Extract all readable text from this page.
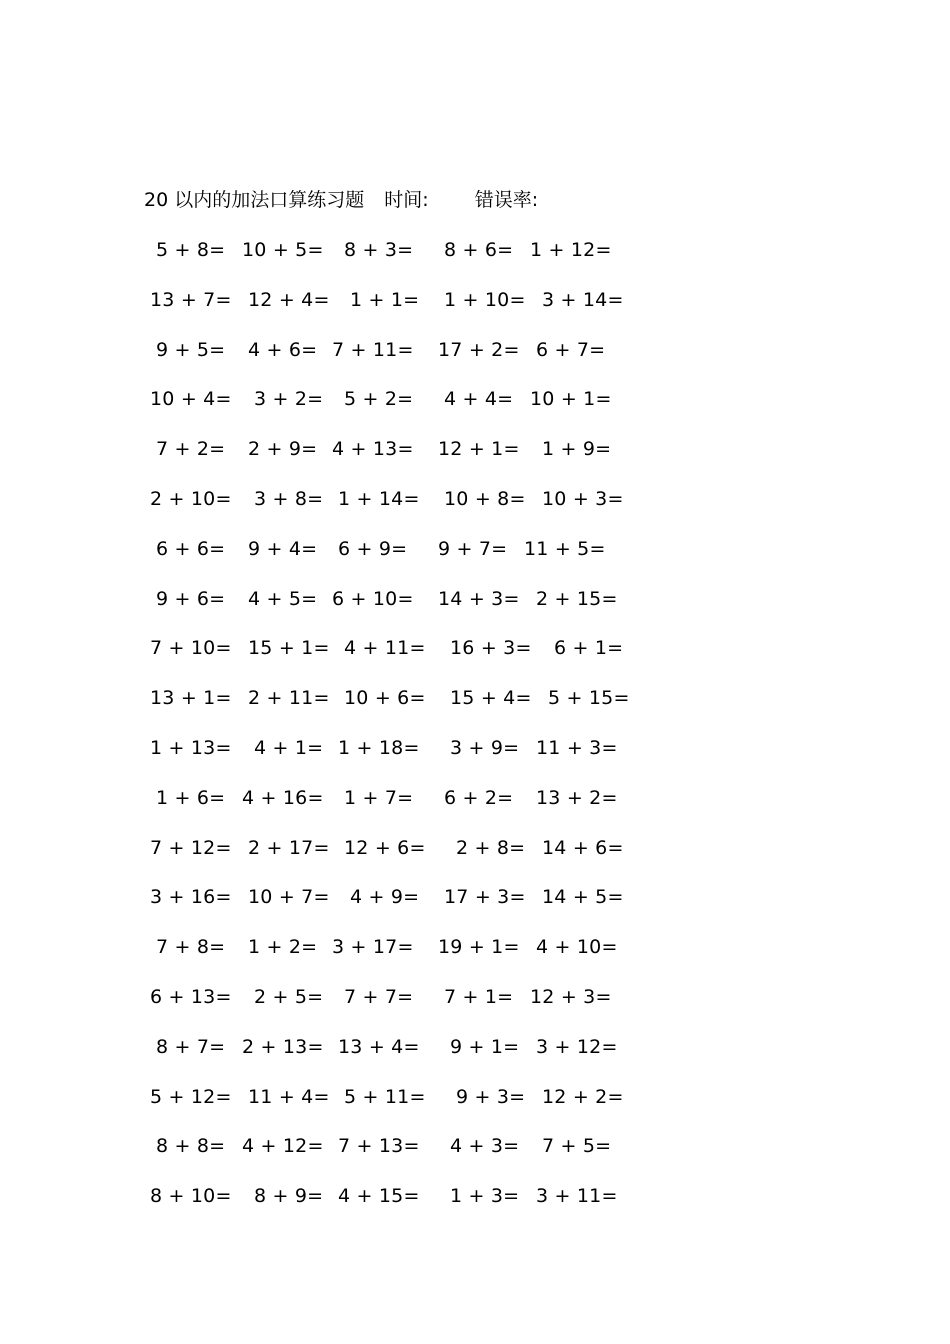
20 以内的加法口算练习题 时间: 错误率:
5 + 8= 10 + 5= 8 + 3= 8 + 6= 1 + 12=
13 + 7= 12 + 4= 1 + 1= 1 + 10= 3 + 14=
9 + 5= 4 + 6= 7 + 11= 17 + 2= 6 + 7=
10 + 4= 3 + 2= 5 + 2= 4 + 4= 10 + 1=
7 + 2= 2 + 9= 4 + 13= 12 + 1= 1 + 9=
2 + 10= 3 + 8= 1 + 14= 10 + 8= 10 + 3=
6 + 6= 9 + 4= 6 + 9= 9 + 7= 11 + 5=
9 + 6= 4 + 5= 6 + 10= 14 + 3= 2 + 15=
7 + 10= 15 + 1= 4 + 11= 16 + 3= 6 + 1=
13 + 1= 2 + 11= 10 + 6= 15 + 4= 5 + 15=
1 + 13= 4 + 1= 1 + 18= 3 + 9= 11 + 3=
1 + 6= 4 + 16= 1 + 7= 6 + 2= 13 + 2=
7 + 12= 2 + 17= 12 + 6= 2 + 8= 14 + 6=
3 + 16= 10 + 7= 4 + 9= 17 + 3= 14 + 5=
7 + 8= 1 + 2= 3 + 17= 19 + 1= 4 + 10=
6 + 13= 2 + 5= 7 + 7= 7 + 1= 12 + 3=
8 + 7= 2 + 13= 13 + 4= 9 + 1= 3 + 12=
5 + 12= 11 + 4= 5 + 11= 9 + 3= 12 + 2=
8 + 8= 4 + 12= 7 + 13= 4 + 3= 7 + 5=
8 + 10= 8 + 9= 4 + 15= 1 + 3= 3 + 11=
